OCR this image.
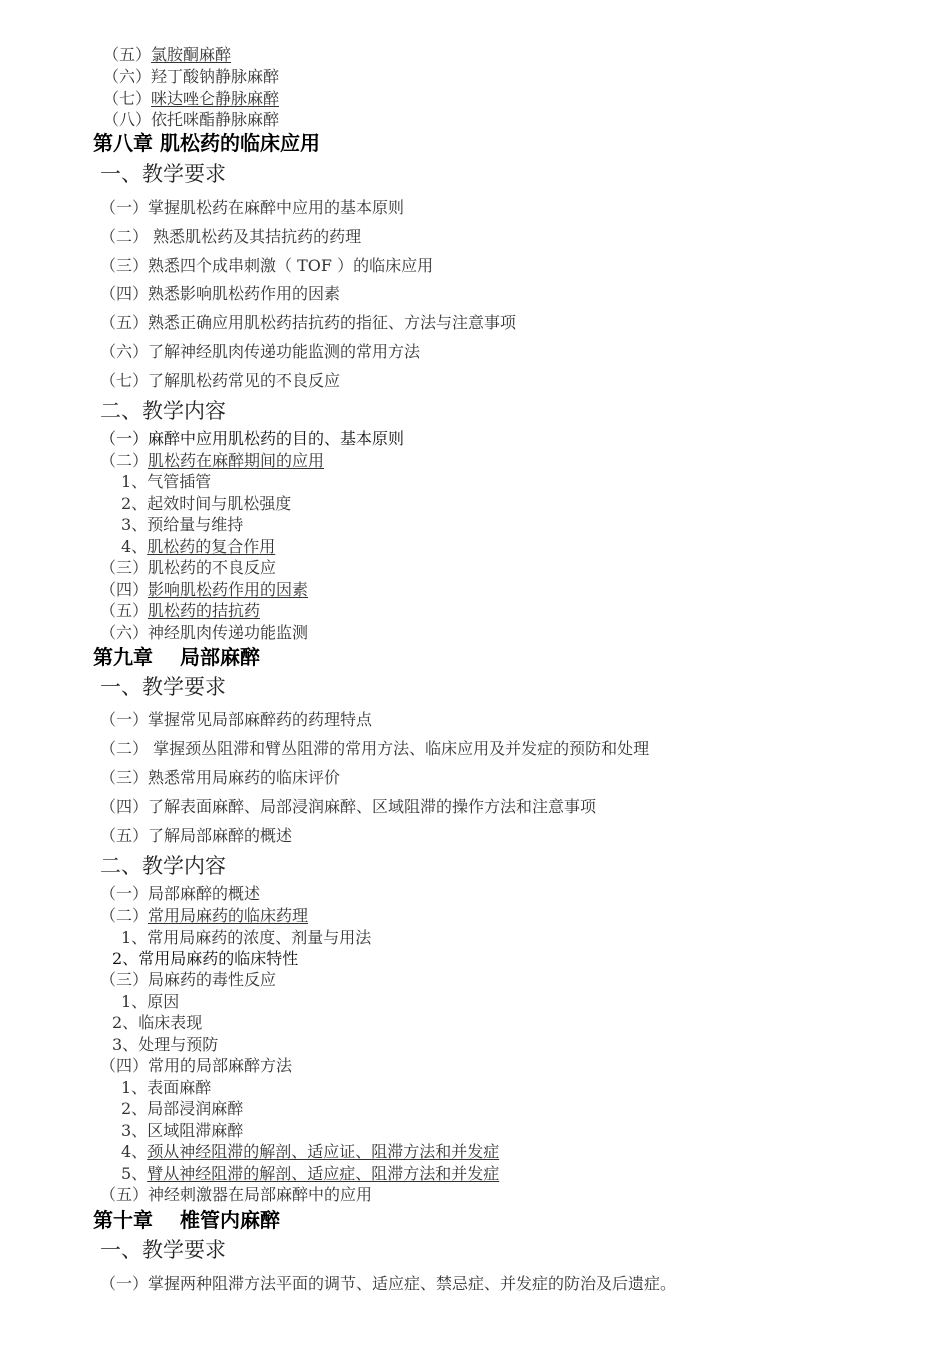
（五）氯胺酮麻醉
（六）羟丁酸钠静脉麻醉
（七）咪达唑仑静脉麻醉
（八）依托咪酯静脉麻醉
第八章 肌松药的临床应用
一、教学要求
（一）掌握肌松药在麻醉中应用的基本原则
（二） 熟悉肌松药及其拮抗药的药理
（三）熟悉四个成串刺激（ TOF ）的临床应用
（四）熟悉影响肌松药作用的因素
（五）熟悉正确应用肌松药拮抗药的指征、方法与注意事项
（六）了解神经肌肉传递功能监测的常用方法
（七）了解肌松药常见的不良反应
二、教学内容
（一）麻醉中应用肌松药的目的、基本原则
（二）肌松药在麻醉期间的应用
1、气管插管
2、起效时间与肌松强度
3、预给量与维持
4、肌松药的复合作用
（三）肌松药的不良反应
（四）影响肌松药作用的因素
（五）肌松药的拮抗药
（六）神经肌肉传递功能监测
第九章　 局部麻醉
一、教学要求
（一）掌握常见局部麻醉药的药理特点
（二） 掌握颈丛阻滞和臂丛阻滞的常用方法、临床应用及并发症的预防和处理
（三）熟悉常用局麻药的临床评价
（四）了解表面麻醉、局部浸润麻醉、区域阻滞的操作方法和注意事项
（五）了解局部麻醉的概述
二、教学内容
（一）局部麻醉的概述
（二）常用局麻药的临床药理
1、常用局麻药的浓度、剂量与用法
2、常用局麻药的临床特性
（三）局麻药的毒性反应
1、原因
2、临床表现
3、处理与预防
（四）常用的局部麻醉方法
1、表面麻醉
2、局部浸润麻醉
3、区域阻滞麻醉
4、颈从神经阻滞的解剖、适应证、阻滞方法和并发症
5、臂从神经阻滞的解剖、适应症、阻滞方法和并发症
（五）神经刺激器在局部麻醉中的应用
第十章　 椎管内麻醉
一、教学要求
（一）掌握两种阻滞方法平面的调节、适应症、禁忌症、并发症的防治及后遗症。
